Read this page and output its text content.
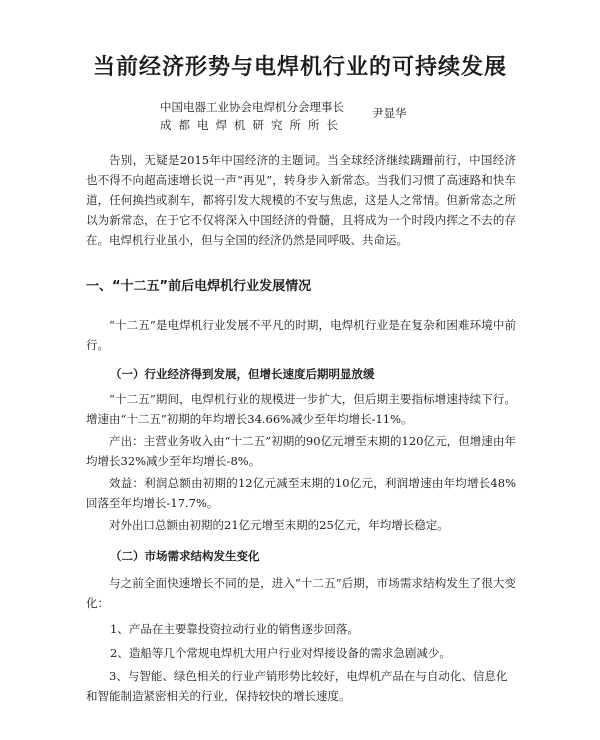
当前经济形势与电焊机行业的可持续发展
中国电器工业协会电焊机分会理事长
成都电焊机研究所所长
尹显华

告别，无疑是2015年中国经济的主题词。当全球经济继续蹒跚前行，中国经济也不得不向超高速增长说一声“再见”，转身步入新常态。当我们习惯了高速路和快车道，任何换挡或刹车，都将引发大规模的不安与焦虑，这是人之常情。但新常态之所以为新常态，在于它不仅将深入中国经济的骨髓，且将成为一个时段内挥之不去的存在。电焊机行业虽小，但与全国的经济仍然是同呼吸、共命运。

一、“十二五”前后电焊机行业发展情况

“十二五”是电焊机行业发展不平凡的时期，电焊机行业是在复杂和困难环境中前行。

（一）行业经济得到发展，但增长速度后期明显放缓

“十二五”期间，电焊机行业的规模进一步扩大，但后期主要指标增速持续下行。增速由“十二五”初期的年均增长34.66%减少至年均增长-11%。

产出：主营业务收入由“十二五”初期的90亿元增至末期的120亿元，但增速由年均增长32%减少至年均增长-8%。

效益：利润总额由初期的12亿元减至末期的10亿元，利润增速由年均增长48%回落至年均增长-17.7%。

对外出口总额由初期的21亿元增至末期的25亿元，年均增长稳定。

（二）市场需求结构发生变化

与之前全面快速增长不同的是，进入“十二五”后期，市场需求结构发生了很大变化：

1、产品在主要靠投资拉动行业的销售逐步回落。
2、造船等几个常规电焊机大用户行业对焊接设备的需求急剧减少。
3、与智能、绿色相关的行业产销形势比较好，电焊机产品在与自动化、信息化和智能制造紧密相关的行业，保持较快的增长速度。
